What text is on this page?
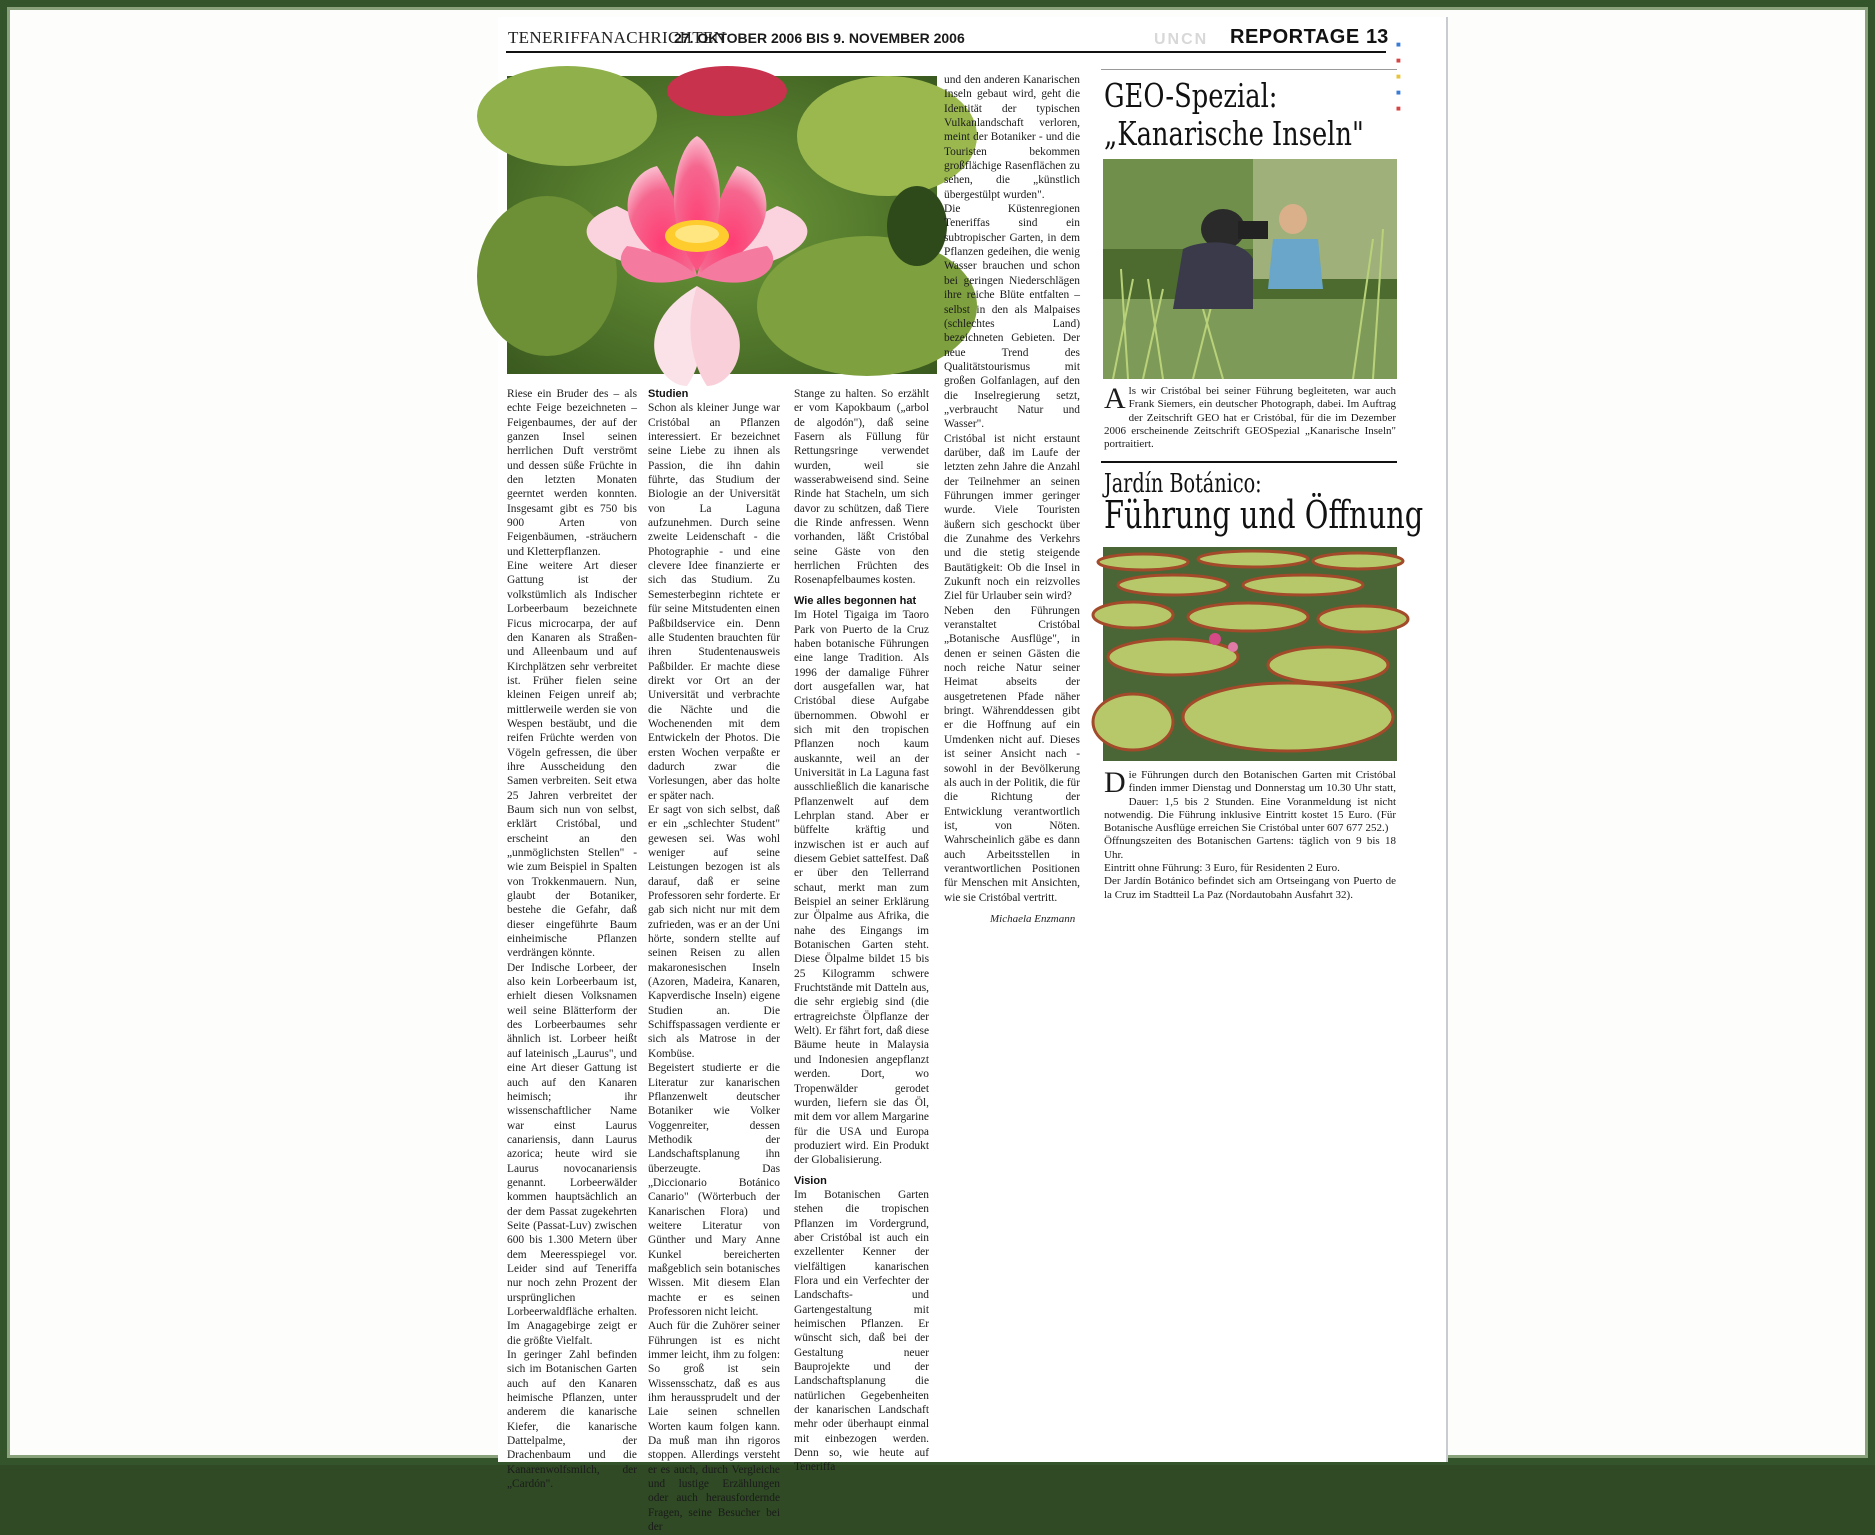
TENERIFFANACHRICHTEN
27. OKTOBER 2006 BIS 9. NOVEMBER 2006	UNCN REPORTAGE 13 ■
■
■
■
■

Riese ein Bruder des – als echte Feige bezeichneten – Feigenbaumes, der auf der ganzen Insel seinen herrlichen Duft verströmt und dessen süße Früchte in den letzten Monaten geerntet werden konnten. Insgesamt gibt es 750 bis 900 Arten von Feigenbäumen, -sträuchern und Kletterpflanzen.

Eine weitere Art dieser Gattung ist der volkstümlich als Indischer Lorbeerbaum bezeichnete Ficus microcarpa, der auf den Kanaren als Straßen- und Alleenbaum und auf Kirchplätzen sehr verbreitet ist. Früher fielen seine kleinen Feigen unreif ab; mittlerweile werden sie von Wespen bestäubt, und die reifen Früchte werden von Vögeln gefressen, die über ihre Ausscheidung den Samen verbreiten. Seit etwa 25 Jahren verbreitet der Baum sich nun von selbst, erklärt Cristóbal, und erscheint an den „unmöglichsten Stellen" - wie zum Beispiel in Spalten von Trokkenmauern. Nun, glaubt der Botaniker, bestehe die Gefahr, daß dieser eingeführte Baum einheimische Pflanzen verdrängen könnte.

Der Indische Lorbeer, der also kein Lorbeerbaum ist, erhielt diesen Volksnamen weil seine Blätterform der des Lorbeerbaumes sehr ähnlich ist. Lorbeer heißt auf lateinisch „Laurus", und eine Art dieser Gattung ist auch auf den Kanaren heimisch; ihr wissenschaftlicher Name war einst Laurus canariensis, dann Laurus azorica; heute wird sie Laurus novocanariensis genannt. Lorbeerwälder kommen hauptsächlich an der dem Passat zugekehrten Seite (Passat-Luv) zwischen 600 bis 1.300 Metern über dem Meeresspiegel vor. Leider sind auf Teneriffa nur noch zehn Prozent der ursprünglichen Lorbeerwaldfläche erhalten. Im Anagagebirge zeigt er die größte Vielfalt.

In geringer Zahl befinden sich im Botanischen Garten auch auf den Kanaren heimische Pflanzen, unter anderem die kanarische Kiefer, die kanarische Dattelpalme, der Drachenbaum und die Kanarenwolfsmilch, der „Cardón".

Studien

Schon als kleiner Junge war Cristóbal an Pflanzen interessiert. Er bezeichnet seine Liebe zu ihnen als Passion, die ihn dahin führte, das Studium der Biologie an der Universität von La Laguna aufzunehmen. Durch seine zweite Leidenschaft - die Photographie - und eine clevere Idee finanzierte er sich das Studium. Zu Semesterbeginn richtete er für seine Mitstudenten einen Paßbildservice ein. Denn alle Studenten brauchten für ihren Studentenausweis Paßbilder. Er machte diese direkt vor Ort an der Universität und verbrachte die Nächte und die Wochenenden mit dem Entwickeln der Photos. Die ersten Wochen verpaßte er dadurch zwar die Vorlesungen, aber das holte er später nach.

Er sagt von sich selbst, daß er ein „schlechter Student" gewesen sei. Was wohl weniger auf seine Leistungen bezogen ist als darauf, daß er seine Professoren sehr forderte. Er gab sich nicht nur mit dem zufrieden, was er an der Uni hörte, sondern stellte auf seinen Reisen zu allen makaronesischen Inseln (Azoren, Madeira, Kanaren, Kapverdische Inseln) eigene Studien an. Die Schiffspassagen verdiente er sich als Matrose in der Kombüse.

Begeistert studierte er die Literatur zur kanarischen Pflanzenwelt deutscher Botaniker wie Volker Voggenreiter, dessen Methodik der Landschaftsplanung ihn überzeugte. Das „Diccionario Botánico Canario" (Wörterbuch der Kanarischen Flora) und weitere Literatur von Günther und Mary Anne Kunkel bereicherten maßgeblich sein botanisches Wissen. Mit diesem Elan machte er es seinen Professoren nicht leicht.

Auch für die Zuhörer seiner Führungen ist es nicht immer leicht, ihm zu folgen: So groß ist sein Wissensschatz, daß es aus ihm heraussprudelt und der Laie seinen schnellen Worten kaum folgen kann. Da muß man ihn rigoros stoppen. Allerdings versteht er es auch, durch Vergleiche und lustige Erzählungen oder auch herausfordernde Fragen, seine Besucher bei der

Stange zu halten. So erzählt er vom Kapokbaum („arbol de algodón"), daß seine Fasern als Füllung für Rettungsringe verwendet wurden, weil sie wasserabweisend sind. Seine Rinde hat Stacheln, um sich davor zu schützen, daß Tiere die Rinde anfressen. Wenn vorhanden, läßt Cristóbal seine Gäste von den herrlichen Früchten des Rosenapfelbaumes kosten.

Wie alles begonnen hat

Im Hotel Tigaiga im Taoro Park von Puerto de la Cruz haben botanische Führungen eine lange Tradition. Als 1996 der damalige Führer dort ausgefallen war, hat Cristóbal diese Aufgabe übernommen. Obwohl er sich mit den tropischen Pflanzen noch kaum auskannte, weil an der Universität in La Laguna fast ausschließlich die kanarische Pflanzenwelt auf dem Lehrplan stand. Aber er büffelte kräftig und inzwischen ist er auch auf diesem Gebiet satteIfest. Daß er über den Tellerrand schaut, merkt man zum Beispiel an seiner Erklärung zur Ölpalme aus Afrika, die nahe des Eingangs im Botanischen Garten steht. Diese Ölpalme bildet 15 bis 25 Kilogramm schwere Fruchtstände mit Datteln aus, die sehr ergiebig sind (die ertragreichste Ölpflanze der Welt). Er fährt fort, daß diese Bäume heute in Malaysia und Indonesien angepflanzt werden. Dort, wo Tropenwälder gerodet wurden, liefern sie das Öl, mit dem vor allem Margarine für die USA und Europa produziert wird. Ein Produkt der Globalisierung.

Vision

Im Botanischen Garten stehen die tropischen Pflanzen im Vordergrund, aber Cristóbal ist auch ein exzellenter Kenner der vielfältigen kanarischen Flora und ein Verfechter der Landschafts- und Gartengestaltung mit heimischen Pflanzen. Er wünscht sich, daß bei der Gestaltung neuer Bauprojekte und der Landschaftsplanung die natürlichen Gegebenheiten der kanarischen Landschaft mehr oder überhaupt einmal mit einbezogen werden. Denn so, wie heute auf Teneriffa

und den anderen Kanarischen Inseln gebaut wird, geht die Identität der typischen Vulkanlandschaft verloren, meint der Botaniker - und die Touristen bekommen großflächige Rasenflächen zu sehen, die „künstlich übergestülpt wurden".

Die Küstenregionen Teneriffas sind ein subtropischer Garten, in dem Pflanzen gedeihen, die wenig Wasser brauchen und schon bei geringen Niederschlägen ihre reiche Blüte entfalten – selbst in den als Malpaises (schlechtes Land) bezeichneten Gebieten. Der neue Trend des Qualitätstourismus mit großen Golfanlagen, auf den die Inselregierung setzt, „verbraucht Natur und Wasser".

Cristóbal ist nicht erstaunt darüber, daß im Laufe der letzten zehn Jahre die Anzahl der Teilnehmer an seinen Führungen immer geringer wurde. Viele Touristen äußern sich geschockt über die Zunahme des Verkehrs und die stetig steigende Bautätigkeit: Ob die Insel in Zukunft noch ein reizvolles Ziel für Urlauber sein wird?

Neben den Führungen veranstaltet Cristóbal „Botanische Ausflüge", in denen er seinen Gästen die noch reiche Natur seiner Heimat abseits der ausgetretenen Pfade näher bringt. Währenddessen gibt er die Hoffnung auf ein Umdenken nicht auf. Dieses ist seiner Ansicht nach - sowohl in der Bevölkerung als auch in der Politik, die für die Richtung der Entwicklung verantwortlich ist, von Nöten. Wahrscheinlich gäbe es dann auch Arbeitsstellen in verantwortlichen Positionen für Menschen mit Ansichten, wie sie Cristóbal vertritt.

Michaela Enzmann
GEO-Spezial:
„Kanarische Inseln"
Als wir Cristóbal bei seiner Führung begleiteten, war auch Frank Siemers, ein deutscher Photograph, dabei. Im Auftrag der Zeitschrift GEO hat er Cristóbal, für die im Dezember 2006 erscheinende Zeitschrift GEOSpezial „Kanarische Inseln" portraitiert.
Jardín Botánico:
Führung und Öffnung
Die Führungen durch den Botanischen Garten mit Cristóbal finden immer Dienstag und Donnerstag um 10.30 Uhr statt, Dauer: 1,5 bis 2 Stunden. Eine Voranmeldung ist nicht notwendig. Die Führung inklusive Eintritt kostet 15 Euro. (Für Botanische Ausflüge erreichen Sie Cristóbal unter 607 677 252.)
Öffnungszeiten des Botanischen Gartens: täglich von 9 bis 18 Uhr.
Eintritt ohne Führung: 3 Euro, für Residenten 2 Euro.
Der Jardín Botánico befindet sich am Ortseingang von Puerto de la Cruz im Stadtteil La Paz (Nordautobahn Ausfahrt 32).
